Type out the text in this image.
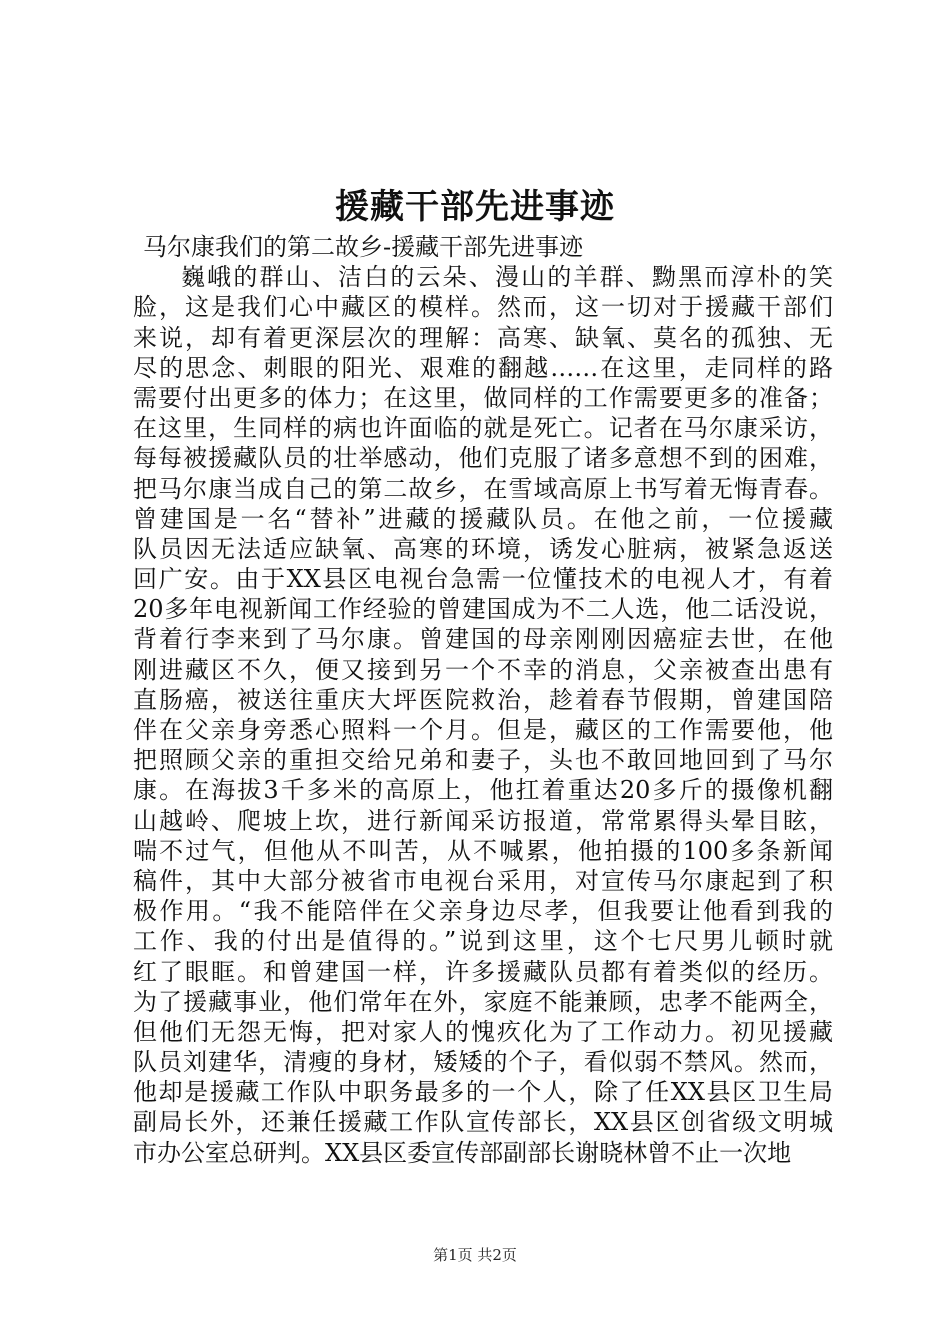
援藏干部先进事迹
马尔康我们的第二故乡-援藏干部先进事迹
巍峨的群山、洁白的云朵、漫山的羊群、黝黑而淳朴的笑
脸，这是我们心中藏区的模样。然而，这一切对于援藏干部们
来说，却有着更深层次的理解：高寒、缺氧、莫名的孤独、无
尽的思念、刺眼的阳光、艰难的翻越……在这里，走同样的路
需要付出更多的体力；在这里，做同样的工作需要更多的准备；
在这里，生同样的病也许面临的就是死亡。记者在马尔康采访，
每每被援藏队员的壮举感动，他们克服了诸多意想不到的困难，
把马尔康当成自己的第二故乡，在雪域高原上书写着无悔青春。
曾建国是一名“替补”进藏的援藏队员。在他之前，一位援藏
队员因无法适应缺氧、高寒的环境，诱发心脏病，被紧急返送
回广安。由于XX县区电视台急需一位懂技术的电视人才，有着
20多年电视新闻工作经验的曾建国成为不二人选，他二话没说，
背着行李来到了马尔康。曾建国的母亲刚刚因癌症去世，在他
刚进藏区不久，便又接到另一个不幸的消息，父亲被查出患有
直肠癌，被送往重庆大坪医院救治，趁着春节假期，曾建国陪
伴在父亲身旁悉心照料一个月。但是，藏区的工作需要他，他
把照顾父亲的重担交给兄弟和妻子，头也不敢回地回到了马尔
康。在海拔3千多米的高原上，他扛着重达20多斤的摄像机翻
山越岭、爬坡上坎，进行新闻采访报道，常常累得头晕目眩，
喘不过气，但他从不叫苦，从不喊累，他拍摄的100多条新闻
稿件，其中大部分被省市电视台采用，对宣传马尔康起到了积
极作用。“我不能陪伴在父亲身边尽孝，但我要让他看到我的
工作、我的付出是值得的。”说到这里，这个七尺男儿顿时就
红了眼眶。和曾建国一样，许多援藏队员都有着类似的经历。
为了援藏事业，他们常年在外，家庭不能兼顾，忠孝不能两全，
但他们无怨无悔，把对家人的愧疚化为了工作动力。初见援藏
队员刘建华，清瘦的身材，矮矮的个子，看似弱不禁风。然而，
他却是援藏工作队中职务最多的一个人，除了任XX县区卫生局
副局长外，还兼任援藏工作队宣传部长，XX县区创省级文明城
市办公室总研判。XX县区委宣传部副部长谢晓林曾不止一次地
第1页 共2页
